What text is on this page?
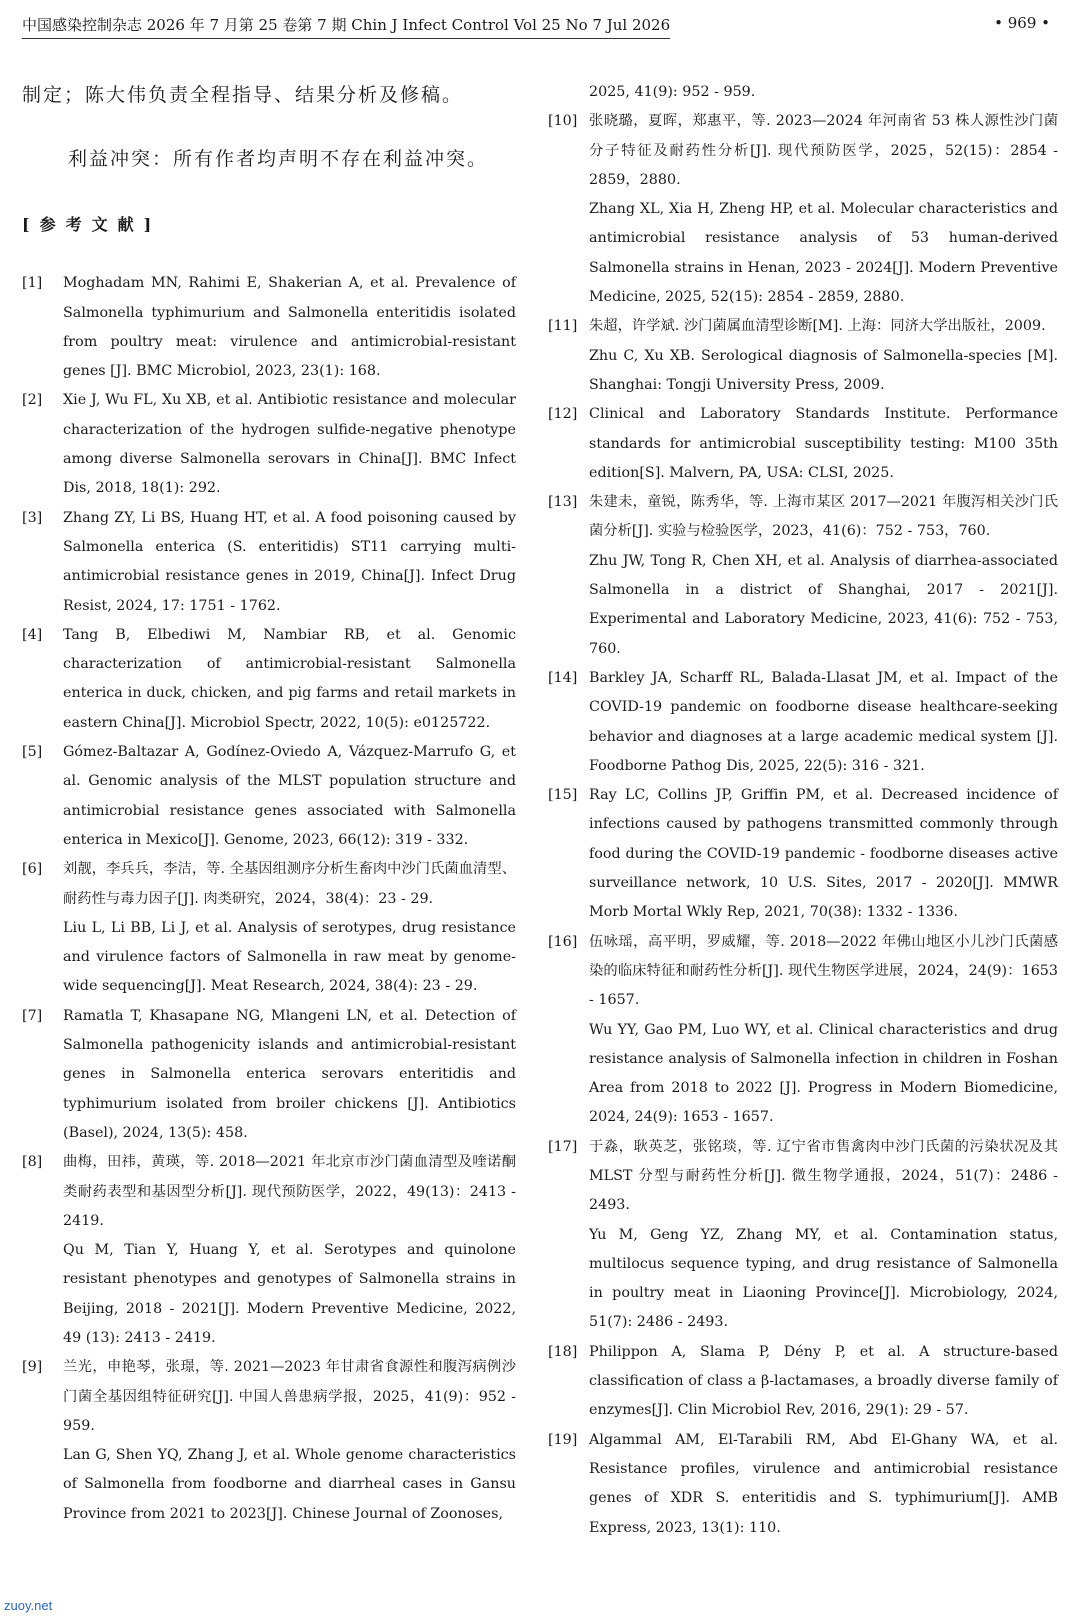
中国感染控制杂志 2026 年 7 月第 25 卷第 7 期 Chin J Infect Control Vol 25 No 7 Jul 2026	• 969 •

制定；陈大伟负责全程指导、结果分析及修稿。

利益冲突：所有作者均声明不存在利益冲突。

[参考文献]
[1]	Moghadam MN, Rahimi E, Shakerian A, et al. Prevalence of Salmonella typhimurium and Salmonella enteritidis isolated from poultry meat: virulence and antimicrobial-resistant genes [J]. BMC Microbiol, 2023, 23(1): 168.

[2]	Xie J, Wu FL, Xu XB, et al. Antibiotic resistance and molecular characterization of the hydrogen sulfide-negative phenotype among diverse Salmonella serovars in China[J]. BMC Infect Dis, 2018, 18(1): 292.

[3]	Zhang ZY, Li BS, Huang HT, et al. A food poisoning caused by Salmonella enterica (S. enteritidis) ST11 carrying multi-antimicrobial resistance genes in 2019, China[J]. Infect Drug Resist, 2024, 17: 1751 - 1762.

[4]	Tang B, Elbediwi M, Nambiar RB, et al. Genomic characterization of antimicrobial-resistant Salmonella enterica in duck, chicken, and pig farms and retail markets in eastern China[J]. Microbiol Spectr, 2022, 10(5): e0125722.

[5]	Gómez-Baltazar A, Godínez-Oviedo A, Vázquez-Marrufo G, et al. Genomic analysis of the MLST population structure and antimicrobial resistance genes associated with Salmonella enterica in Mexico[J]. Genome, 2023, 66(12): 319 - 332.

[6]	刘靓，李兵兵，李洁，等. 全基因组测序分析生畜肉中沙门氏菌血清型、耐药性与毒力因子[J]. 肉类研究，2024，38(4)：23 - 29.

Liu L, Li BB, Li J, et al. Analysis of serotypes, drug resistance and virulence factors of Salmonella in raw meat by genome-wide sequencing[J]. Meat Research, 2024, 38(4): 23 - 29.

[7]	Ramatla T, Khasapane NG, Mlangeni LN, et al. Detection of Salmonella pathogenicity islands and antimicrobial-resistant genes in Salmonella enterica serovars enteritidis and typhimurium isolated from broiler chickens [J]. Antibiotics (Basel), 2024, 13(5): 458.

[8]	曲梅，田祎，黄瑛，等. 2018—2021 年北京市沙门菌血清型及喹诺酮类耐药表型和基因型分析[J]. 现代预防医学，2022，49(13)：2413 - 2419.

Qu M, Tian Y, Huang Y, et al. Serotypes and quinolone resistant phenotypes and genotypes of Salmonella strains in Beijing, 2018 - 2021[J]. Modern Preventive Medicine, 2022, 49 (13): 2413 - 2419.

[9]	兰光，申艳琴，张璟，等. 2021—2023 年甘肃省食源性和腹泻病例沙门菌全基因组特征研究[J]. 中国人兽患病学报，2025，41(9)：952 - 959.

Lan G, Shen YQ, Zhang J, et al. Whole genome characteristics of Salmonella from foodborne and diarrheal cases in Gansu Province from 2021 to 2023[J]. Chinese Journal of Zoonoses,

2025, 41(9): 952 - 959.

[10] 张晓璐，夏晖，郑惠平，等. 2023—2024 年河南省 53 株人源性沙门菌分子特征及耐药性分析[J]. 现代预防医学，2025，52(15)：2854 - 2859，2880.

Zhang XL, Xia H, Zheng HP, et al. Molecular characteristics and antimicrobial resistance analysis of 53 human-derived Salmonella strains in Henan, 2023 - 2024[J]. Modern Preventive Medicine, 2025, 52(15): 2854 - 2859, 2880.

[11] 朱超，许学斌. 沙门菌属血清型诊断[M]. 上海：同济大学出版社，2009.

Zhu C, Xu XB. Serological diagnosis of Salmonella-species [M]. Shanghai: Tongji University Press, 2009.

[12] Clinical and Laboratory Standards Institute. Performance standards for antimicrobial susceptibility testing: M100 35th edition[S]. Malvern, PA, USA: CLSI, 2025.

[13] 朱建未，童锐，陈秀华，等. 上海市某区 2017—2021 年腹泻相关沙门氏菌分析[J]. 实验与检验医学，2023，41(6)：752 - 753，760.

Zhu JW, Tong R, Chen XH, et al. Analysis of diarrhea-associated Salmonella in a district of Shanghai, 2017 - 2021[J]. Experimental and Laboratory Medicine, 2023, 41(6): 752 - 753, 760.

[14] Barkley JA, Scharff RL, Balada-Llasat JM, et al. Impact of the COVID-19 pandemic on foodborne disease healthcare-seeking behavior and diagnoses at a large academic medical system [J]. Foodborne Pathog Dis, 2025, 22(5): 316 - 321.

[15] Ray LC, Collins JP, Griffin PM, et al. Decreased incidence of infections caused by pathogens transmitted commonly through food during the COVID-19 pandemic - foodborne diseases active surveillance network, 10 U.S. Sites, 2017 - 2020[J]. MMWR Morb Mortal Wkly Rep, 2021, 70(38): 1332 - 1336.

[16] 伍咏瑶，高平明，罗威耀，等. 2018—2022 年佛山地区小儿沙门氏菌感染的临床特征和耐药性分析[J]. 现代生物医学进展，2024，24(9)：1653 - 1657.

Wu YY, Gao PM, Luo WY, et al. Clinical characteristics and drug resistance analysis of Salmonella infection in children in Foshan Area from 2018 to 2022 [J]. Progress in Modern Biomedicine, 2024, 24(9): 1653 - 1657.

[17] 于淼，耿英芝，张铭琰，等. 辽宁省市售禽肉中沙门氏菌的污染状况及其 MLST 分型与耐药性分析[J]. 微生物学通报，2024，51(7)：2486 - 2493.

Yu M, Geng YZ, Zhang MY, et al. Contamination status, multilocus sequence typing, and drug resistance of Salmonella in poultry meat in Liaoning Province[J]. Microbiology, 2024, 51(7): 2486 - 2493.

[18] Philippon A, Slama P, Dény P, et al. A structure-based classification of class a β-lactamases, a broadly diverse family of enzymes[J]. Clin Microbiol Rev, 2016, 29(1): 29 - 57.

[19] Algammal AM, El-Tarabili RM, Abd El-Ghany WA, et al. Resistance profiles, virulence and antimicrobial resistance genes of XDR S. enteritidis and S. typhimurium[J]. AMB Express, 2023, 13(1): 110.

zuoy.net
